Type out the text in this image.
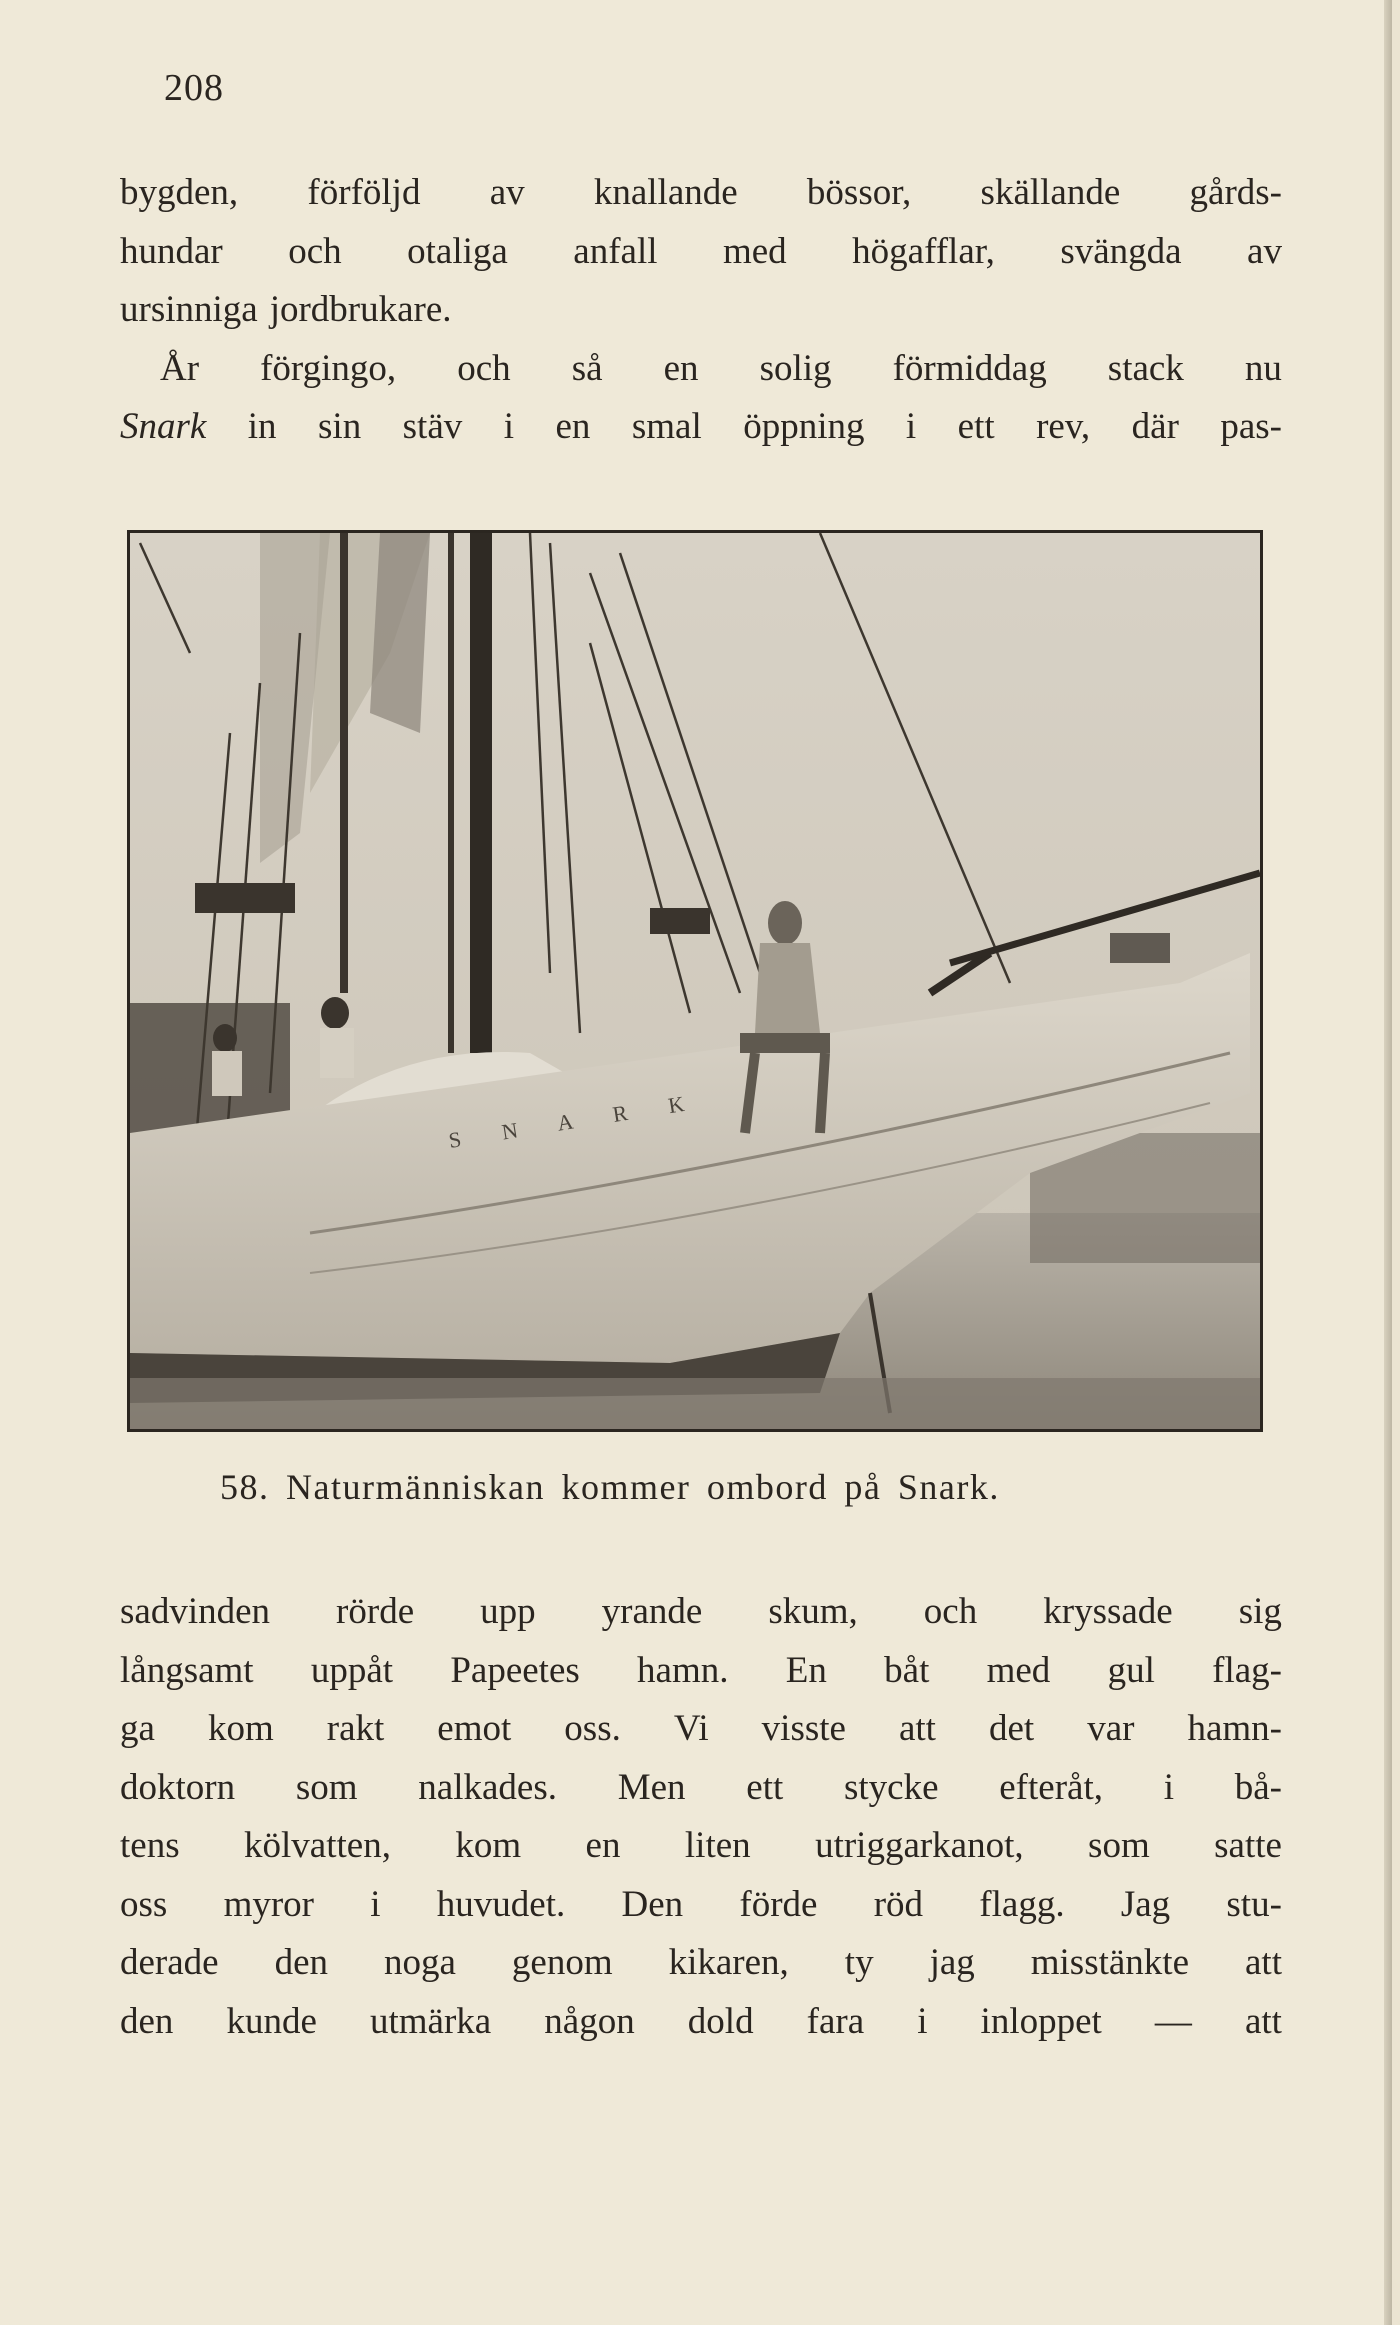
208
bygden, förföljd av knallande bössor, skällande gårds-
hundar och otaliga anfall med högafflar, svängda av
ursinniga jordbrukare.
År förgingo, och så en solig förmiddag stack nu
Snark in sin stäv i en smal öppning i ett rev, där pas-
S N A R K
58. Naturmänniskan kommer ombord på Snark.
sadvinden rörde upp yrande skum, och kryssade sig
långsamt uppåt Papeetes hamn. En båt med gul flag-
ga kom rakt emot oss. Vi visste att det var hamn-
doktorn som nalkades. Men ett stycke efteråt, i bå-
tens kölvatten, kom en liten utriggarkanot, som satte
oss myror i huvudet. Den förde röd flagg. Jag stu-
derade den noga genom kikaren, ty jag misstänkte att
den kunde utmärka någon dold fara i inloppet — att
